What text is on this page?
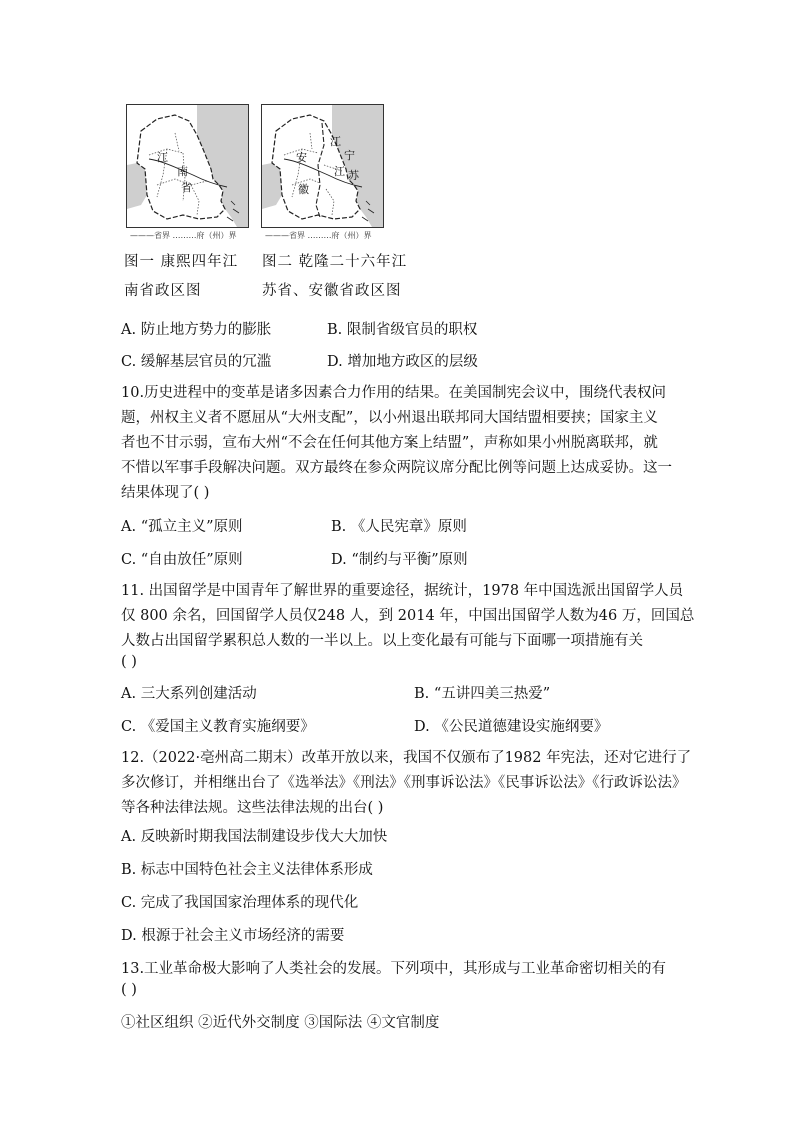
江
南
省
———省界 ………府（州）界
江
宁
安
江 苏
徽
———省界 ………府（州）界
图一 康熙四年江 图二 乾隆二十六年江
南省政区图	苏省、安徽省政区图
A. 防止地方势力的膨胀	B. 限制省级官员的职权
C. 缓解基层官员的冗滥	D. 增加地方政区的层级
10.历史进程中的变革是诸多因素合力作用的结果。在美国制宪会议中，围绕代表权问
题，州权主义者不愿屈从“大州支配”，以小州退出联邦同大国结盟相要挟；国家主义
者也不甘示弱，宣布大州“不会在任何其他方案上结盟”，声称如果小州脱离联邦，就
不惜以军事手段解决问题。双方最终在参众两院议席分配比例等问题上达成妥协。这一
结果体现了( )
A. “孤立主义”原则	B. 《人民宪章》原则
C. “自由放任”原则	D. “制约与平衡”原则
11. 出国留学是中国青年了解世界的重要途径，据统计，1978 年中国选派出国留学人员
仅 800 余名，回国留学人员仅248 人，到 2014 年，中国出国留学人数为46 万，回国总
人数占出国留学累积总人数的一半以上。以上变化最有可能与下面哪一项措施有关
( )
A. 三大系列创建活动	B. “五讲四美三热爱”
C. 《爱国主义教育实施纲要》	D. 《公民道德建设实施纲要》
12.（2022·亳州高二期末）改革开放以来，我国不仅颁布了1982 年宪法，还对它进行了
多次修订，并相继出台了《选举法》《刑法》《刑事诉讼法》《民事诉讼法》《行政诉讼法》
等各种法律法规。这些法律法规的出台( )
A. 反映新时期我国法制建设步伐大大加快
B. 标志中国特色社会主义法律体系形成
C. 完成了我国国家治理体系的现代化
D. 根源于社会主义市场经济的需要
13.工业革命极大影响了人类社会的发展。下列项中，其形成与工业革命密切相关的有
( )
①社区组织 ②近代外交制度 ③国际法 ④文官制度
